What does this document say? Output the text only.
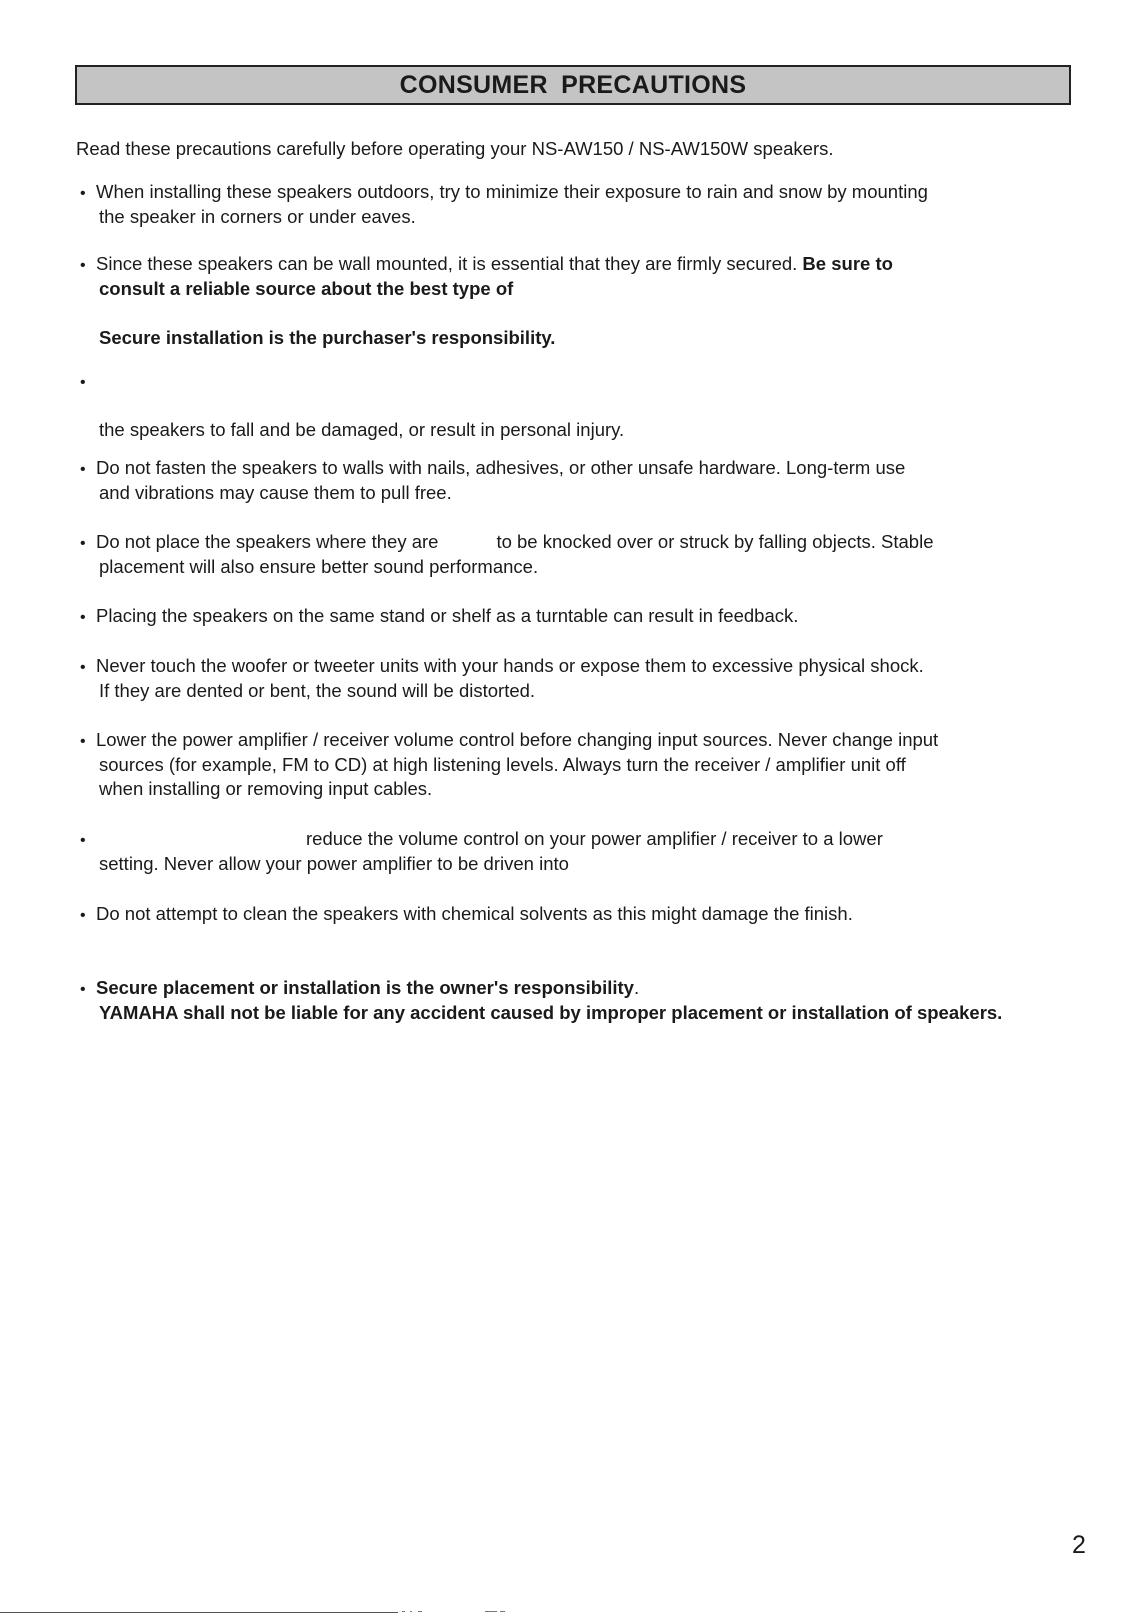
CONSUMER PRECAUTIONS
Read these precautions carefully before operating your NS-AW150 / NS-AW150W speakers.
• When installing these speakers outdoors, try to minimize their exposure to rain and snow by mounting
the speaker in corners or under eaves.
• Since these speakers can be wall mounted, it is essential that they are firmly secured. Be sure to
consult a reliable source about the best type of
Secure installation is the purchaser's responsibility.
•
the speakers to fall and be damaged, or result in personal injury.
• Do not fasten the speakers to walls with nails, adhesives, or other unsafe hardware. Long-term use
and vibrations may cause them to pull free.
• Do not place the speakers where they are	to be knocked over or struck by falling objects. Stable
placement will also ensure better sound performance.
• Placing the speakers on the same stand or shelf as a turntable can result in feedback.
• Never touch the woofer or tweeter units with your hands or expose them to excessive physical shock.
If they are dented or bent, the sound will be distorted.
• Lower the power amplifier / receiver volume control before changing input sources. Never change input
sources (for example, FM to CD) at high listening levels. Always turn the receiver / amplifier unit off
when installing or removing input cables.
•	reduce the volume control on your power amplifier / receiver to a lower
setting. Never allow your power amplifier to be driven into
• Do not attempt to clean the speakers with chemical solvents as this might damage the finish.
• Secure placement or installation is the owner's responsibility.
YAMAHA shall not be liable for any accident caused by improper placement or installation of speakers.
2
